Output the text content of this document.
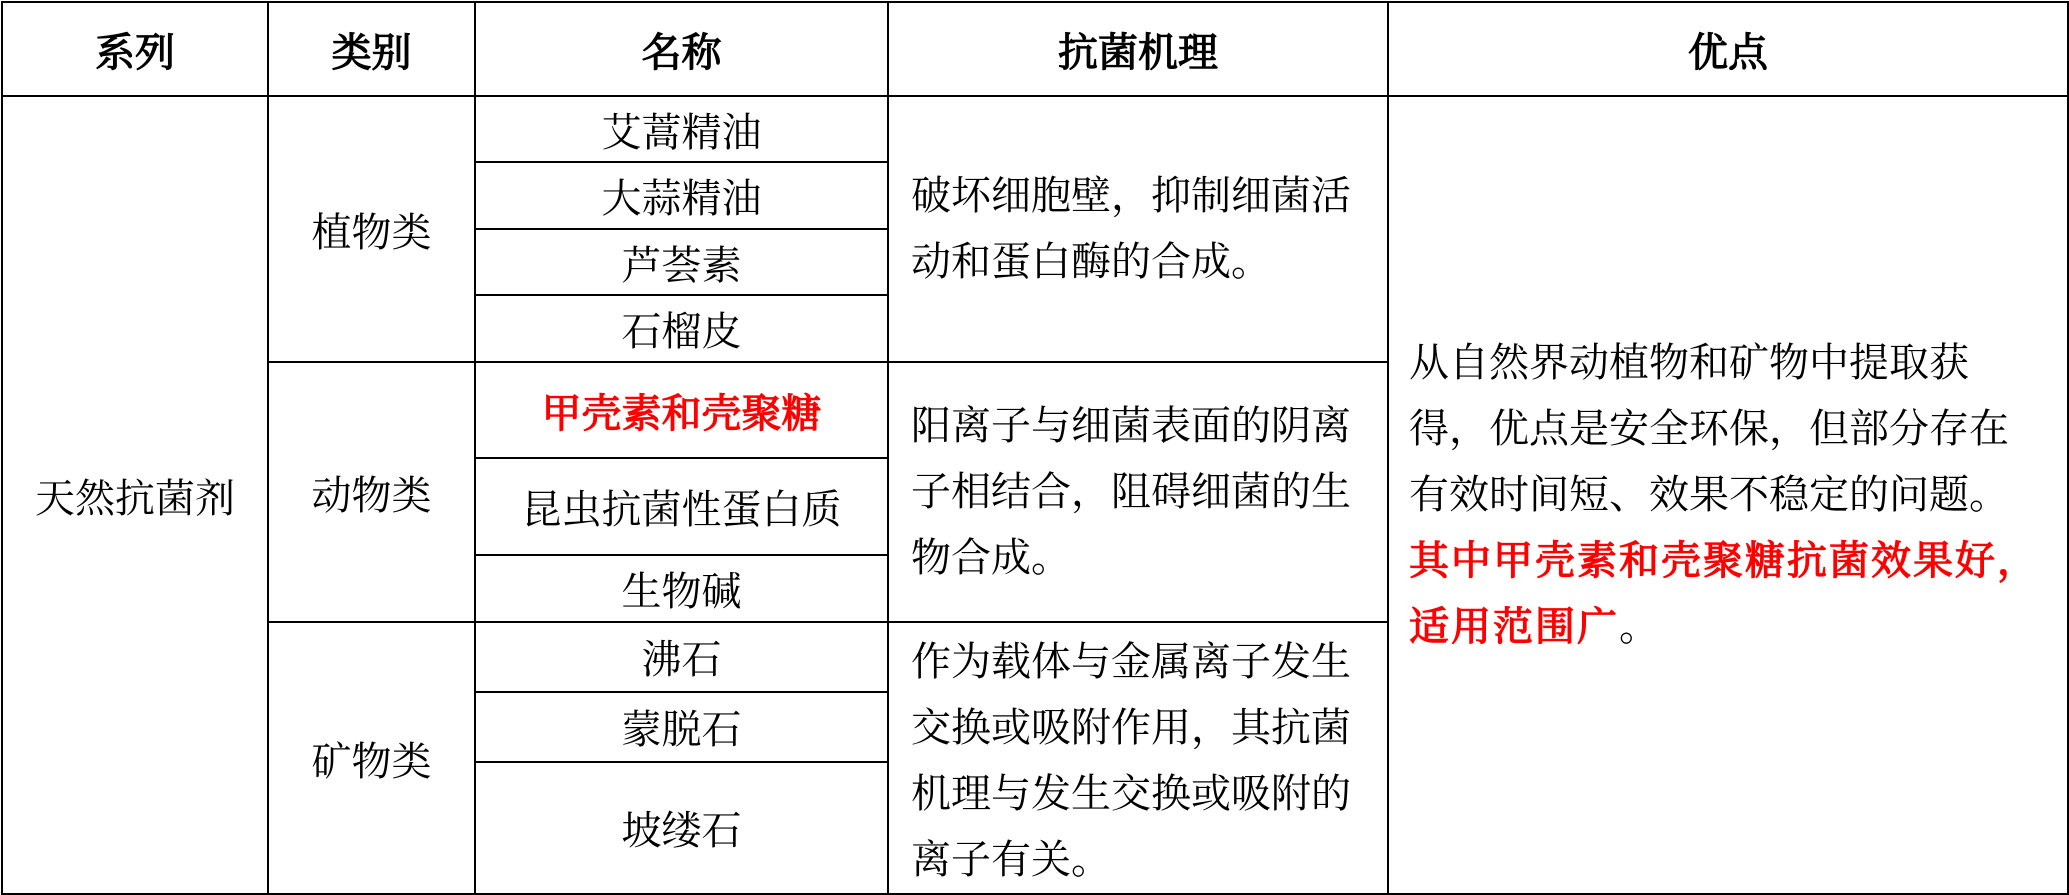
系列	类别	名称	抗菌机理	优点
天然抗菌剂	植物类	艾蒿精油	破坏细胞壁，抑制细菌活动和蛋白酶的合成。	从自然界动植物和矿物中提取获得，优点是安全环保，但部分存在有效时间短、效果不稳定的问题。其中甲壳素和壳聚糖抗菌效果好，适用范围广。
		大蒜精油		
		芦荟素		
		石榴皮		
	动物类	甲壳素和壳聚糖	阳离子与细菌表面的阴离子相结合，阻碍细菌的生物合成。	
		昆虫抗菌性蛋白质		
		生物碱		
	矿物类	沸石	作为载体与金属离子发生交换或吸附作用，其抗菌机理与发生交换或吸附的离子有关。	
		蒙脱石		
		坡缕石		
